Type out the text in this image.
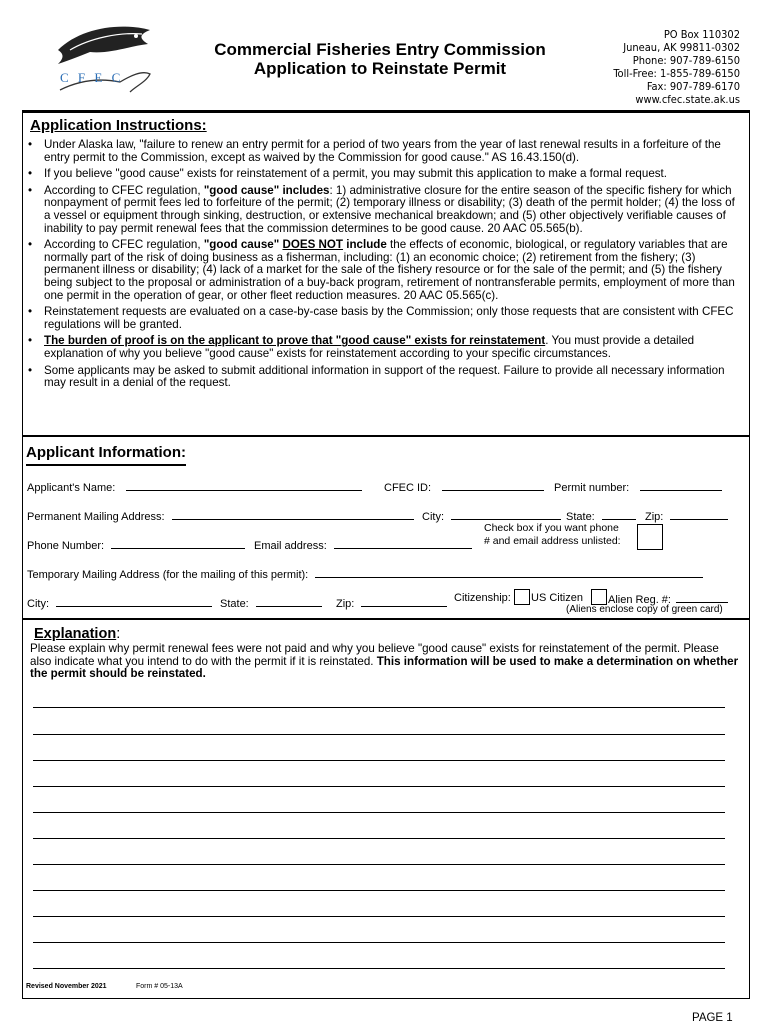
C F E C
Commercial Fisheries Entry Commission
Application to Reinstate Permit
PO Box 110302
Juneau, AK 99811-0302
Phone: 907-789-6150
Toll-Free: 1-855-789-6150
Fax: 907-789-6170
www.cfec.state.ak.us
Application Instructions:
• Under Alaska law, "failure to renew an entry permit for a period of two years from the year of last renewal results in a forfeiture of the entry permit to the Commission, except as waived by the Commission for good cause." AS 16.43.150(d).
• If you believe "good cause" exists for reinstatement of a permit, you may submit this application to make a formal request.
• According to CFEC regulation, "good cause" includes: 1) administrative closure for the entire season of the specific fishery for which nonpayment of permit fees led to forfeiture of the permit; (2) temporary illness or disability; (3) death of the permit holder; (4) the loss of a vessel or equipment through sinking, destruction, or extensive mechanical breakdown; and (5) other objectively verifiable causes of inability to pay permit renewal fees that the commission determines to be good cause. 20 AAC 05.565(b).
• According to CFEC regulation, "good cause" DOES NOT include the effects of economic, biological, or regulatory variables that are normally part of the risk of doing business as a fisherman, including: (1) an economic choice; (2) retirement from the fishery; (3) permanent illness or disability; (4) lack of a market for the sale of the fishery resource or for the sale of the permit; and (5) the fishery being subject to the proposal or administration of a buy-back program, retirement of nontransferable permits, employment of more than one permit in the operation of gear, or other fleet reduction measures. 20 AAC 05.565(c).
• Reinstatement requests are evaluated on a case-by-case basis by the Commission; only those requests that are consistent with CFEC regulations will be granted.
• The burden of proof is on the applicant to prove that "good cause" exists for reinstatement. You must provide a detailed explanation of why you believe "good cause" exists for reinstatement according to your specific circumstances.
• Some applicants may be asked to submit additional information in support of the request. Failure to provide all necessary information may result in a denial of the request.
Applicant Information:
Applicant's Name:	CFEC ID:	Permit number:
Permanent Mailing Address:	City:	State:	Zip:
Check box if you want phone
# and email address unlisted:
Phone Number:	Email address:
Temporary Mailing Address (for the mailing of this permit):
City:	State:	Zip:	Citizenship: US Citizen Alien Reg. #:
(Aliens enclose copy of green card)
Explanation:
Please explain why permit renewal fees were not paid and why you believe "good cause" exists for reinstatement of the permit. Please also indicate what you intend to do with the permit if it is reinstated. This information will be used to make a determination on whether the permit should be reinstated.
Revised November 2021	Form # 05-13A
PAGE 1
